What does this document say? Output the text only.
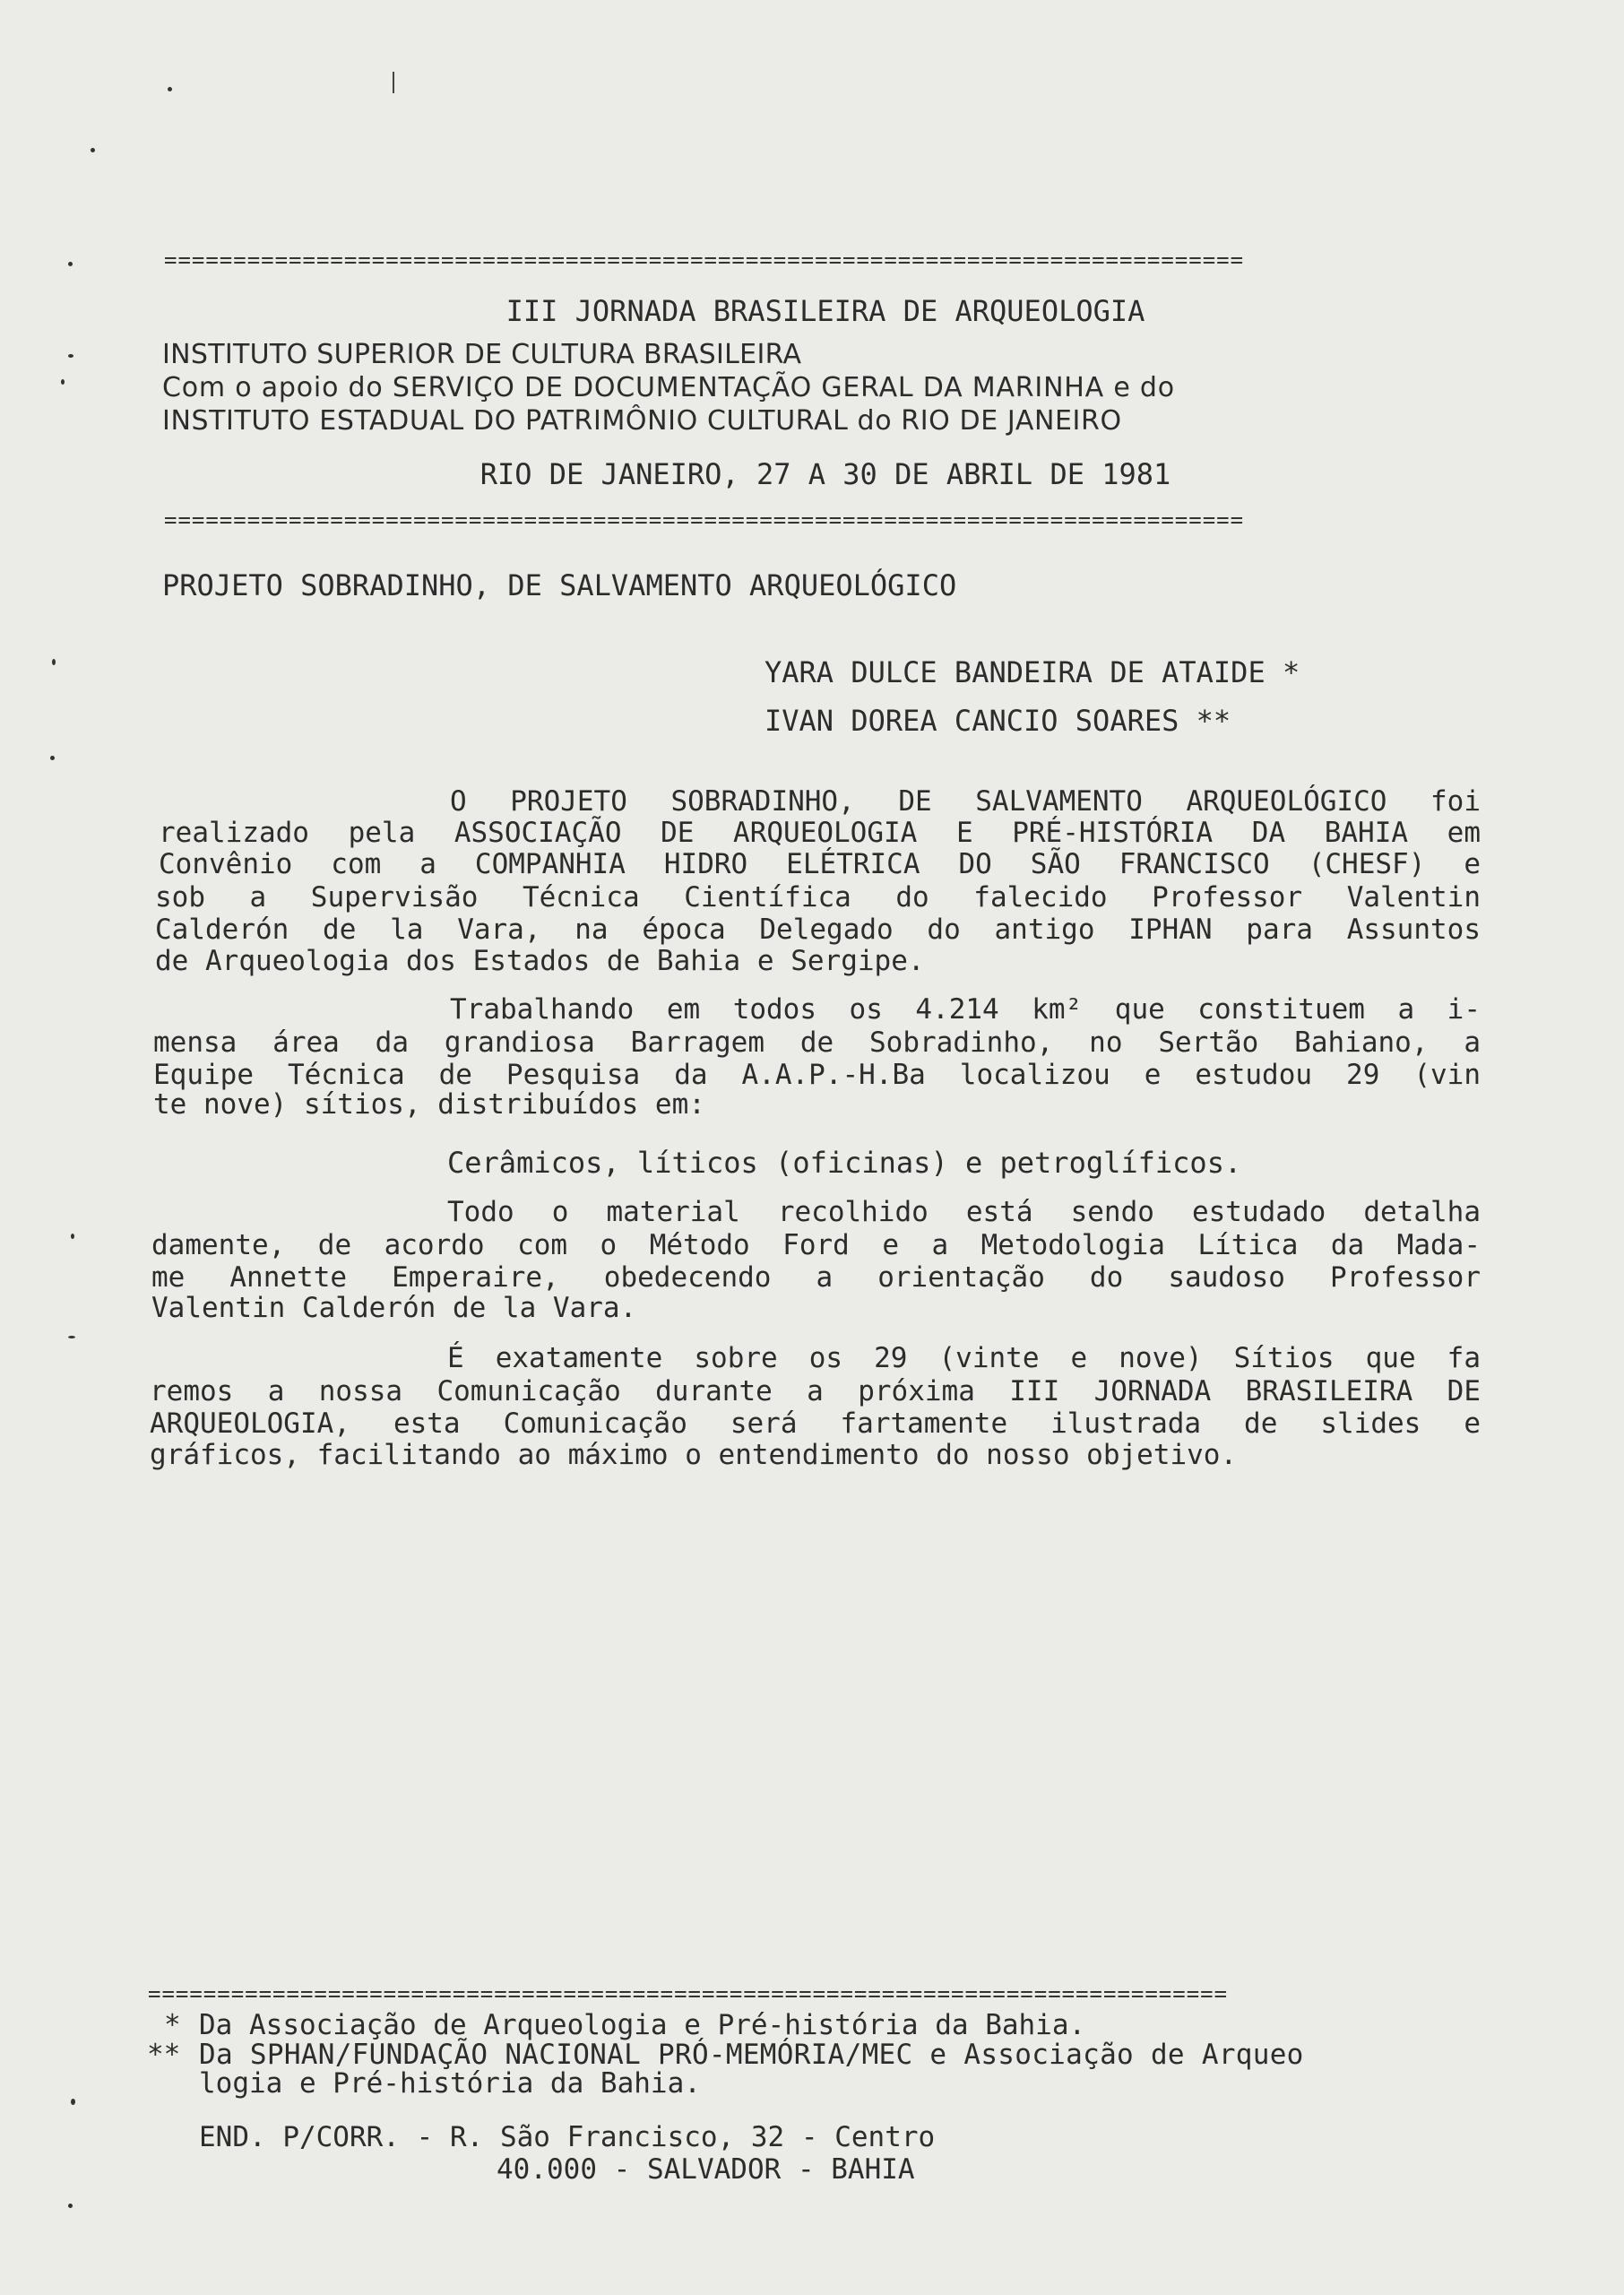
==============================================================================
III JORNADA BRASILEIRA DE ARQUEOLOGIA
INSTITUTO SUPERIOR DE CULTURA BRASILEIRA
Com o apoio do SERVIÇO DE DOCUMENTAÇÃO GERAL DA MARINHA e do
INSTITUTO ESTADUAL DO PATRIMÔNIO CULTURAL do RIO DE JANEIRO
RIO DE JANEIRO, 27 A 30 DE ABRIL DE 1981
==============================================================================
PROJETO SOBRADINHO, DE SALVAMENTO ARQUEOLÓGICO
YARA DULCE BANDEIRA DE ATAIDE *
IVAN DOREA CANCIO SOARES **
O PROJETO SOBRADINHO, DE SALVAMENTO ARQUEOLÓGICO foi
realizado pela ASSOCIAÇÃO DE ARQUEOLOGIA E PRÉ-HISTÓRIA DA BAHIA em
Convênio com a COMPANHIA HIDRO ELÉTRICA DO SÃO FRANCISCO (CHESF) e
sob a Supervisão Técnica Científica do falecido Professor Valentin
Calderón de la Vara, na época Delegado do antigo IPHAN para Assuntos
de Arqueologia dos Estados de Bahia e Sergipe.
Trabalhando em todos os 4.214 km² que constituem a i-
mensa área da grandiosa Barragem de Sobradinho, no Sertão Bahiano, a
Equipe Técnica de Pesquisa da A.A.P.-H.Ba localizou e estudou 29 (vin
te nove) sítios, distribuídos em:
Cerâmicos, líticos (oficinas) e petroglíficos.
Todo o material recolhido está sendo estudado detalha
damente, de acordo com o Método Ford e a Metodologia Lítica da Mada-
me Annette Emperaire, obedecendo a orientação do saudoso Professor
Valentin Calderón de la Vara.
É exatamente sobre os 29 (vinte e nove) Sítios que fa
remos a nossa Comunicação durante a próxima III JORNADA BRASILEIRA DE
ARQUEOLOGIA, esta Comunicação será fartamente ilustrada de slides e
gráficos, facilitando ao máximo o entendimento do nosso objetivo.
==============================================================================
* Da Associação de Arqueologia e Pré-história da Bahia.
** Da SPHAN/FUNDAÇÃO NACIONAL PRÓ-MEMÓRIA/MEC e Associação de Arqueo
logia e Pré-história da Bahia.
END. P/CORR. - R. São Francisco, 32 - Centro
40.000 - SALVADOR - BAHIA
